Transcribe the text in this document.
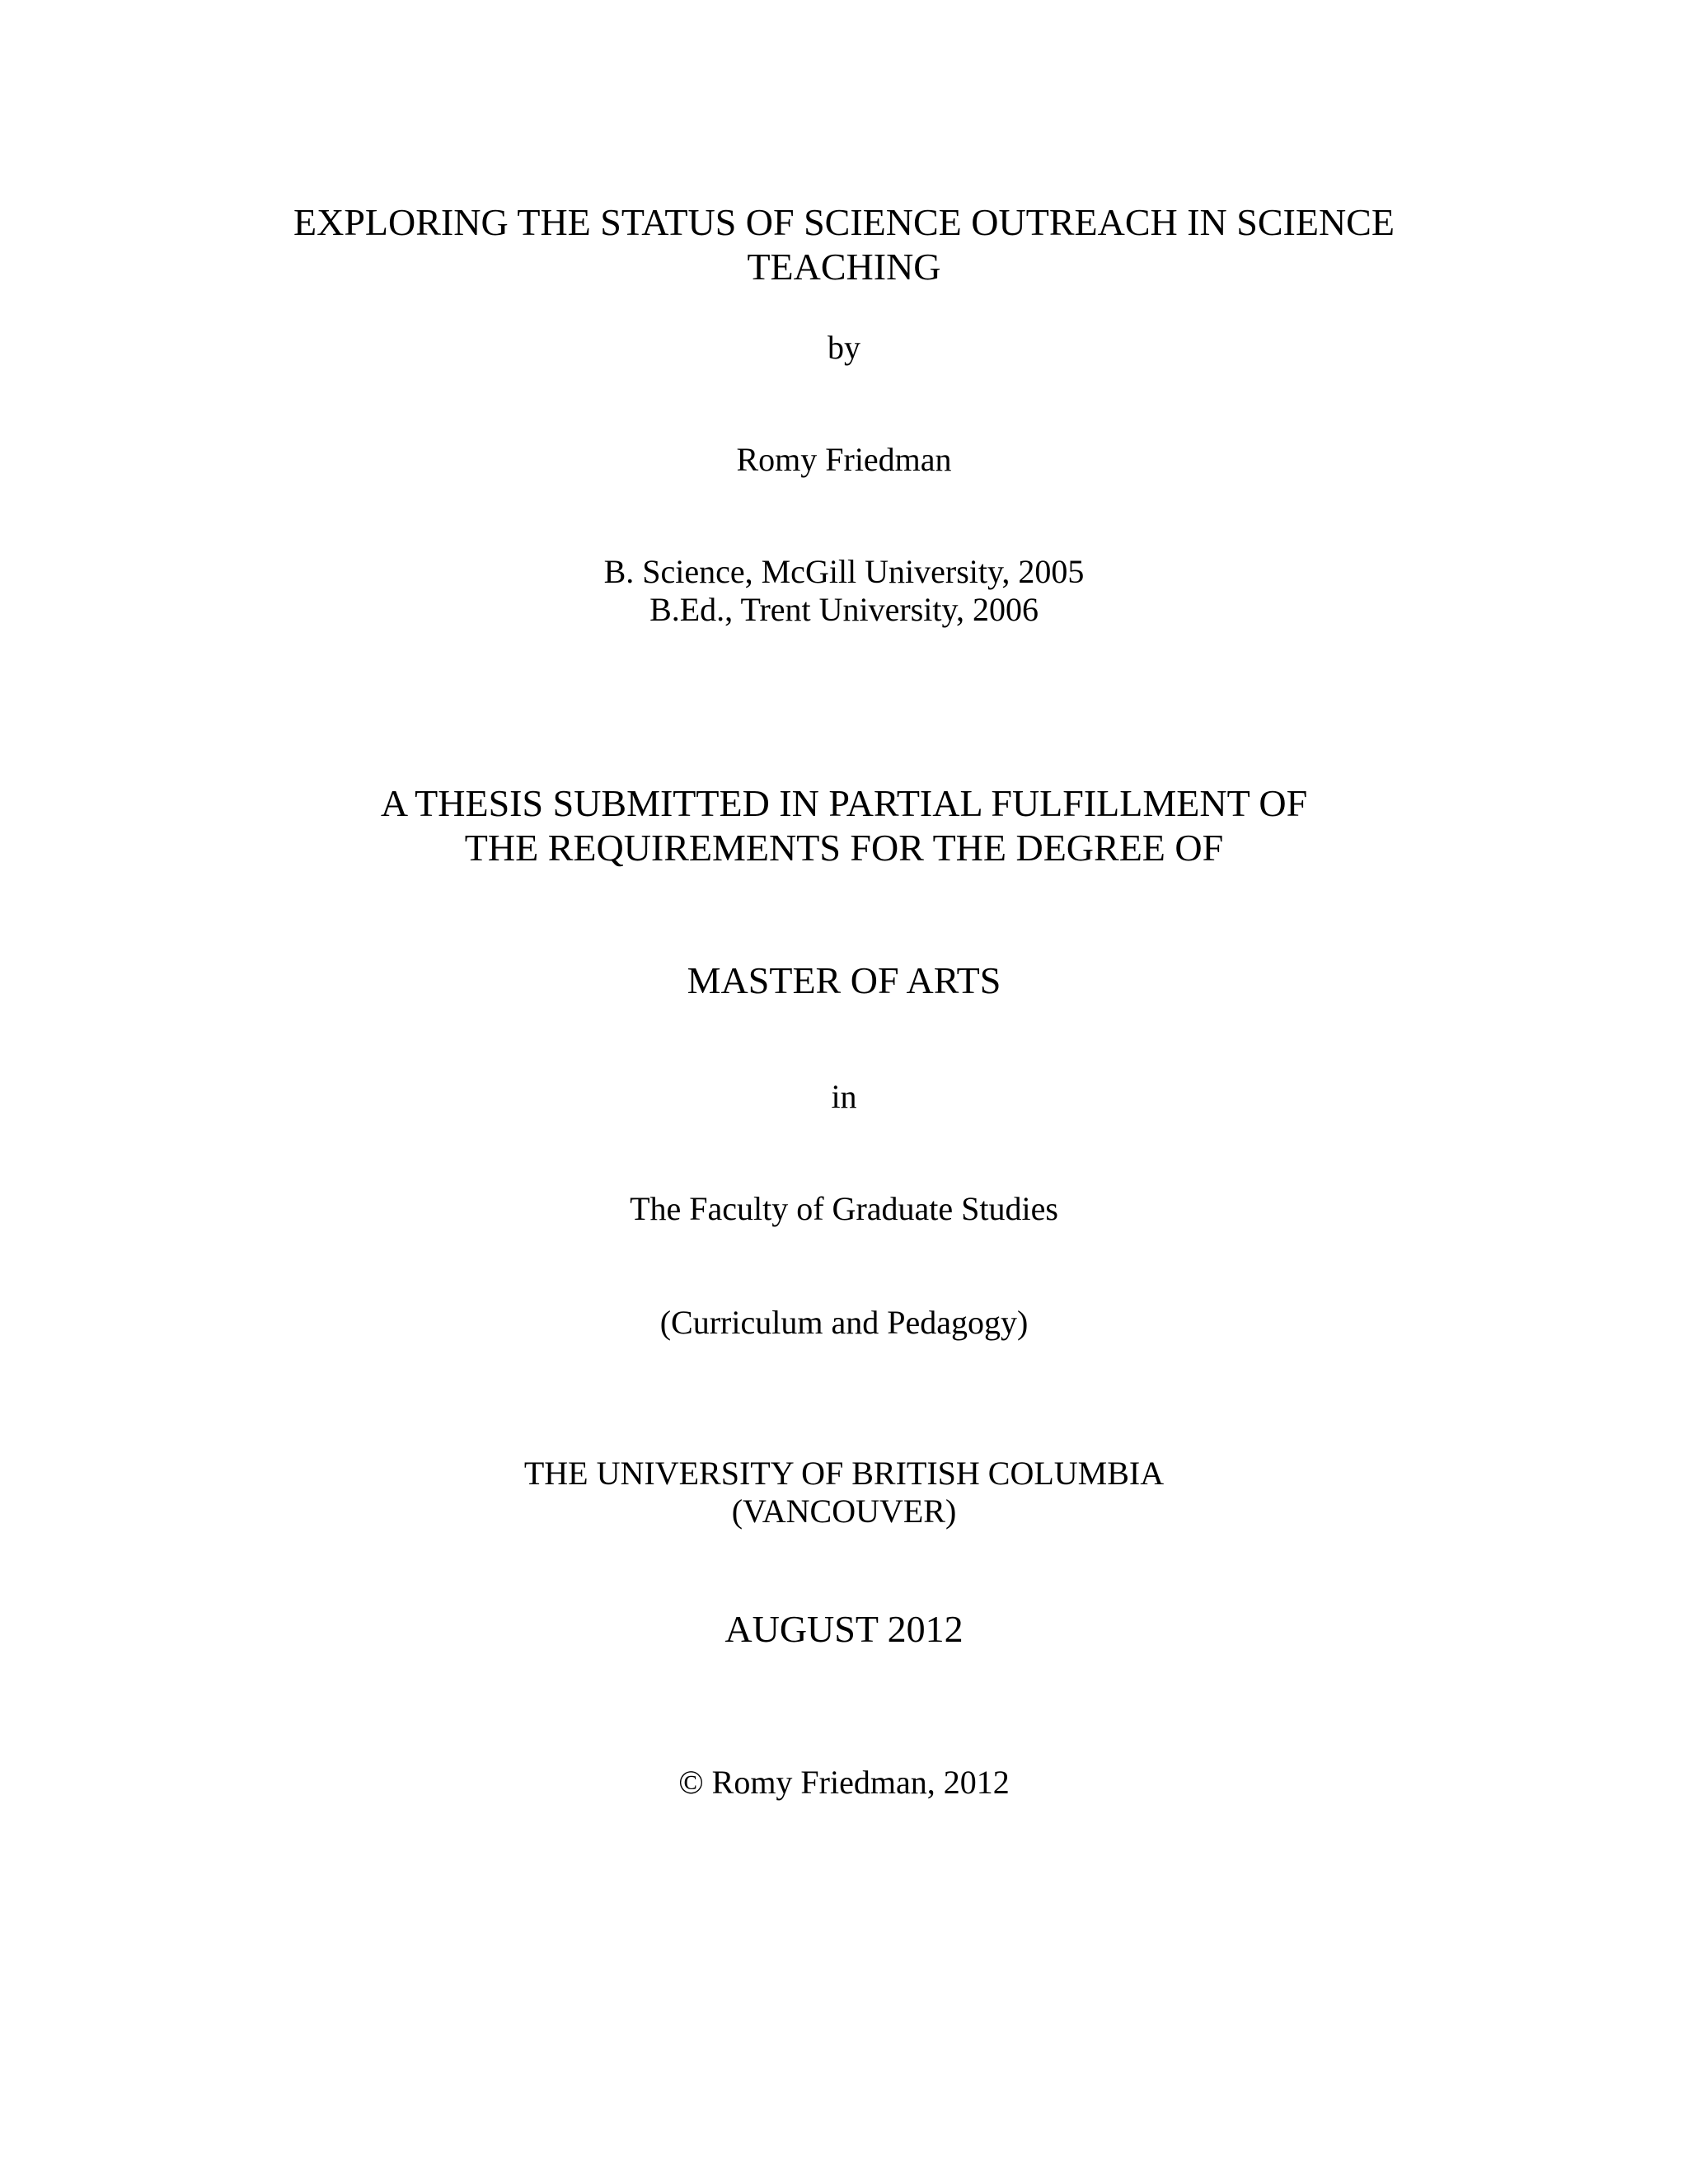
EXPLORING THE STATUS OF SCIENCE OUTREACH IN SCIENCE
TEACHING
by
Romy Friedman
B. Science, McGill University, 2005
B.Ed., Trent University, 2006
A THESIS SUBMITTED IN PARTIAL FULFILLMENT OF
THE REQUIREMENTS FOR THE DEGREE OF
MASTER OF ARTS
in
The Faculty of Graduate Studies
(Curriculum and Pedagogy)
THE UNIVERSITY OF BRITISH COLUMBIA
(VANCOUVER)
AUGUST 2012
© Romy Friedman, 2012
